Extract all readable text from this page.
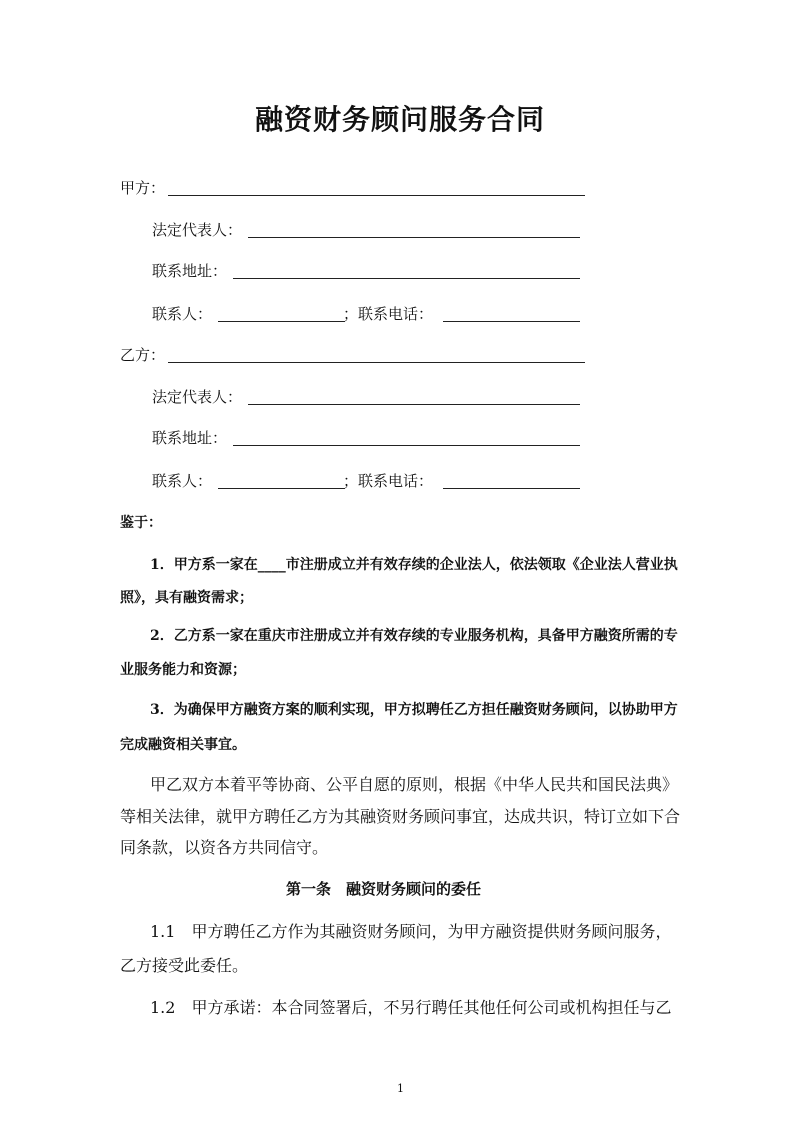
融资财务顾问服务合同
甲方：
法定代表人：
联系地址：
联系人：	；联系电话：
乙方：
法定代表人：
联系地址：
联系人：	；联系电话：
鉴于：
1．甲方系一家在____市注册成立并有效存续的企业法人，依法领取《企业法人营业执
照》，具有融资需求；
2．乙方系一家在重庆市注册成立并有效存续的专业服务机构，具备甲方融资所需的专
业服务能力和资源；
3．为确保甲方融资方案的顺利实现，甲方拟聘任乙方担任融资财务顾问，以协助甲方
完成融资相关事宜。
甲乙双方本着平等协商、公平自愿的原则，根据《中华人民共和国民法典》
等相关法律，就甲方聘任乙方为其融资财务顾问事宜，达成共识，特订立如下合
同条款，以资各方共同信守。
第一条　融资财务顾问的委任
1.1　甲方聘任乙方作为其融资财务顾问，为甲方融资提供财务顾问服务，
乙方接受此委任。
1.2　甲方承诺：本合同签署后，不另行聘任其他任何公司或机构担任与乙
1
